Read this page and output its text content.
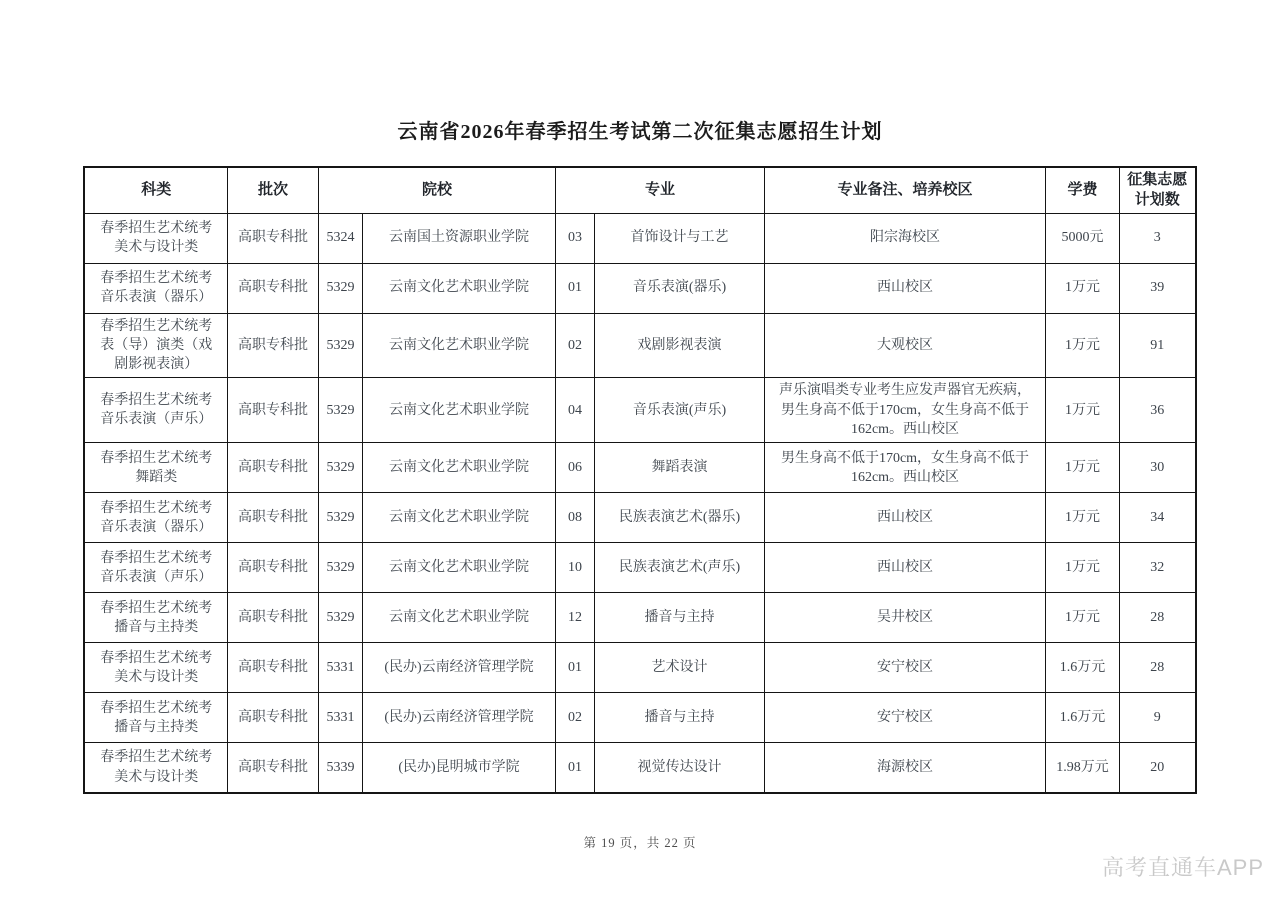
云南省2026年春季招生考试第二次征集志愿招生计划
科类	批次	院校		专业		专业备注、培养校区	学费	征集志愿计划数
春季招生艺术统考美术与设计类	高职专科批	5324	云南国土资源职业学院	03	首饰设计与工艺	阳宗海校区	5000元	3
春季招生艺术统考音乐表演（器乐）	高职专科批	5329	云南文化艺术职业学院	01	音乐表演(器乐)	西山校区	1万元	39
春季招生艺术统考表（导）演类（戏剧影视表演）	高职专科批	5329	云南文化艺术职业学院	02	戏剧影视表演	大观校区	1万元	91
春季招生艺术统考音乐表演（声乐）	高职专科批	5329	云南文化艺术职业学院	04	音乐表演(声乐)	声乐演唱类专业考生应发声器官无疾病，男生身高不低于170cm，女生身高不低于162cm。西山校区	1万元	36
春季招生艺术统考舞蹈类	高职专科批	5329	云南文化艺术职业学院	06	舞蹈表演	男生身高不低于170cm，女生身高不低于162cm。西山校区	1万元	30
春季招生艺术统考音乐表演（器乐）	高职专科批	5329	云南文化艺术职业学院	08	民族表演艺术(器乐)	西山校区	1万元	34
春季招生艺术统考音乐表演（声乐）	高职专科批	5329	云南文化艺术职业学院	10	民族表演艺术(声乐)	西山校区	1万元	32
春季招生艺术统考播音与主持类	高职专科批	5329	云南文化艺术职业学院	12	播音与主持	吴井校区	1万元	28
春季招生艺术统考美术与设计类	高职专科批	5331	(民办)云南经济管理学院	01	艺术设计	安宁校区	1.6万元	28
春季招生艺术统考播音与主持类	高职专科批	5331	(民办)云南经济管理学院	02	播音与主持	安宁校区	1.6万元	9
春季招生艺术统考美术与设计类	高职专科批	5339	(民办)昆明城市学院	01	视觉传达设计	海源校区	1.98万元	20
第 19 页，共 22 页
高考直通车APP
